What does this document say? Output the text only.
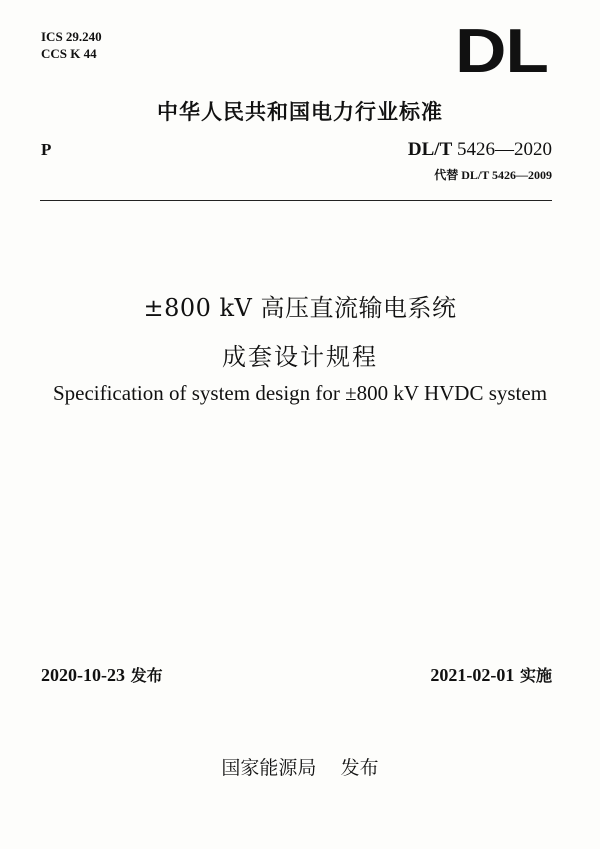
ICS 29.240
CCS K 44	DL
中华人民共和国电力行业标准
P	DL/T 5426—2020
代替 DL/T 5426—2009
±800 kV 高压直流输电系统
成套设计规程
Specification of system design for ±800 kV HVDC system
2020-10-23 发布	2021-02-01 实施
国家能源局 发布
